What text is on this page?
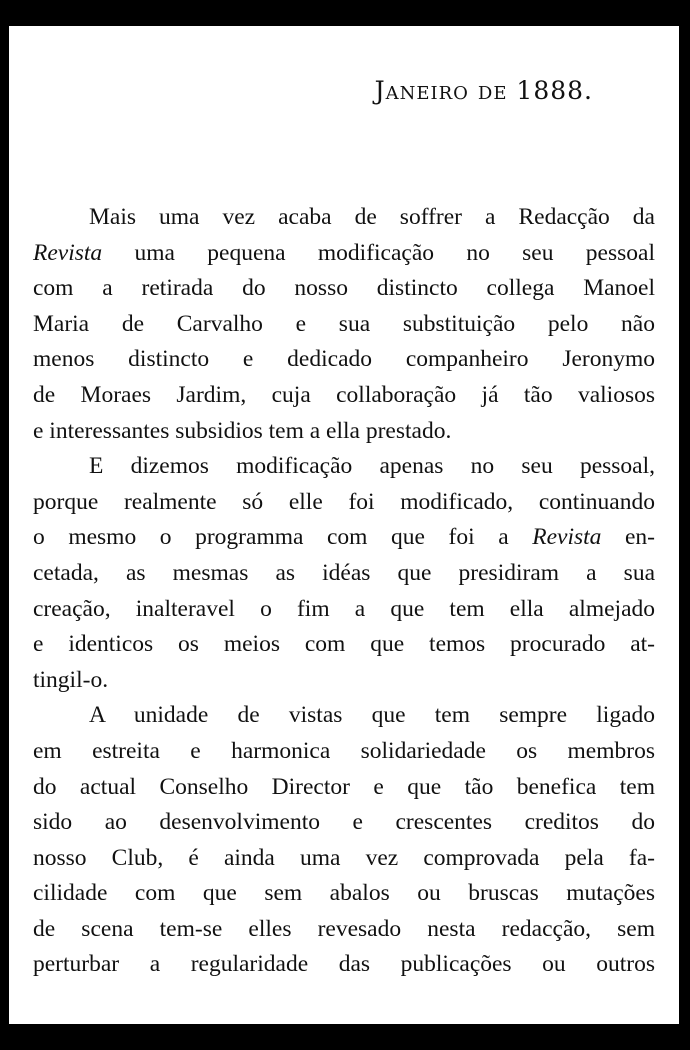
Janeiro de 1888.

Mais uma vez acaba de soffrer a Redacção da
Revista uma pequena modificação no seu pessoal
com a retirada do nosso distincto collega Manoel
Maria de Carvalho e sua substituição pelo não
menos distincto e dedicado companheiro Jeronymo
de Moraes Jardim, cuja collaboração já tão valiosos
e interessantes subsidios tem a ella prestado.
E dizemos modificação apenas no seu pessoal,
porque realmente só elle foi modificado, continuando
o mesmo o programma com que foi a Revista en-
cetada, as mesmas as idéas que presidiram a sua
creação, inalteravel o fim a que tem ella almejado
e identicos os meios com que temos procurado at-
tingil-o.
A unidade de vistas que tem sempre ligado
em estreita e harmonica solidariedade os membros
do actual Conselho Director e que tão benefica tem
sido ao desenvolvimento e crescentes creditos do
nosso Club, é ainda uma vez comprovada pela fa-
cilidade com que sem abalos ou bruscas mutações
de scena tem-se elles revesado nesta redacção, sem
perturbar a regularidade das publicações ou outros
